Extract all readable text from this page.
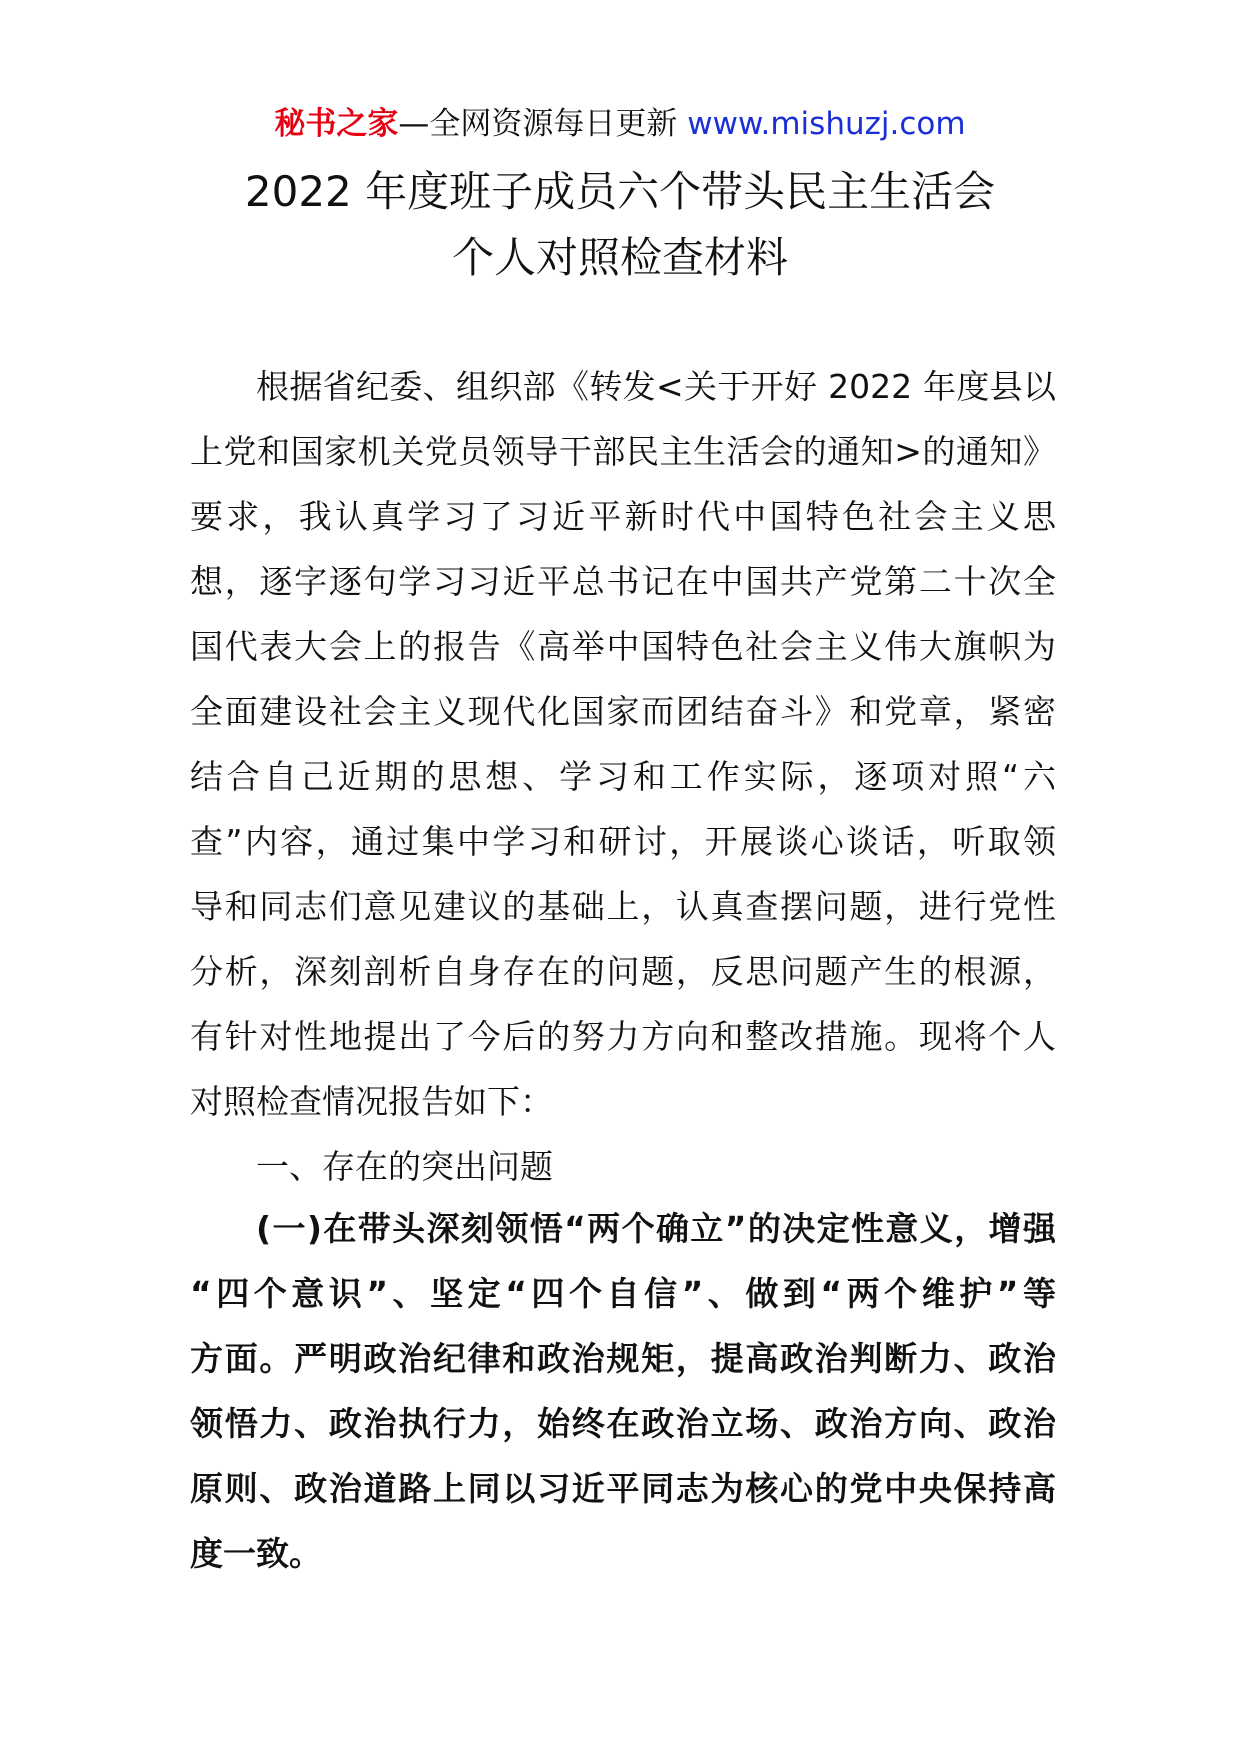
秘书之家—全网资源每日更新 www.mishuzj.com
2022 年度班子成员六个带头民主生活会
个人对照检查材料
根据省纪委、组织部《转发<关于开好 2022 年度县以
上党和国家机关党员领导干部民主生活会的通知>的通知》
要求，我认真学习了习近平新时代中国特色社会主义思
想，逐字逐句学习习近平总书记在中国共产党第二十次全
国代表大会上的报告《高举中国特色社会主义伟大旗帜为
全面建设社会主义现代化国家而团结奋斗》和党章，紧密
结合自己近期的思想、学习和工作实际，逐项对照“六
查”内容，通过集中学习和研讨，开展谈心谈话，听取领
导和同志们意见建议的基础上，认真查摆问题，进行党性
分析，深刻剖析自身存在的问题，反思问题产生的根源，
有针对性地提出了今后的努力方向和整改措施。现将个人
对照检查情况报告如下：
一、存在的突出问题
(一)在带头深刻领悟“两个确立”的决定性意义，增强
“四个意识”、坚定“四个自信”、做到“两个维护”等
方面。严明政治纪律和政治规矩，提高政治判断力、政治
领悟力、政治执行力，始终在政治立场、政治方向、政治
原则、政治道路上同以习近平同志为核心的党中央保持高
度一致。
